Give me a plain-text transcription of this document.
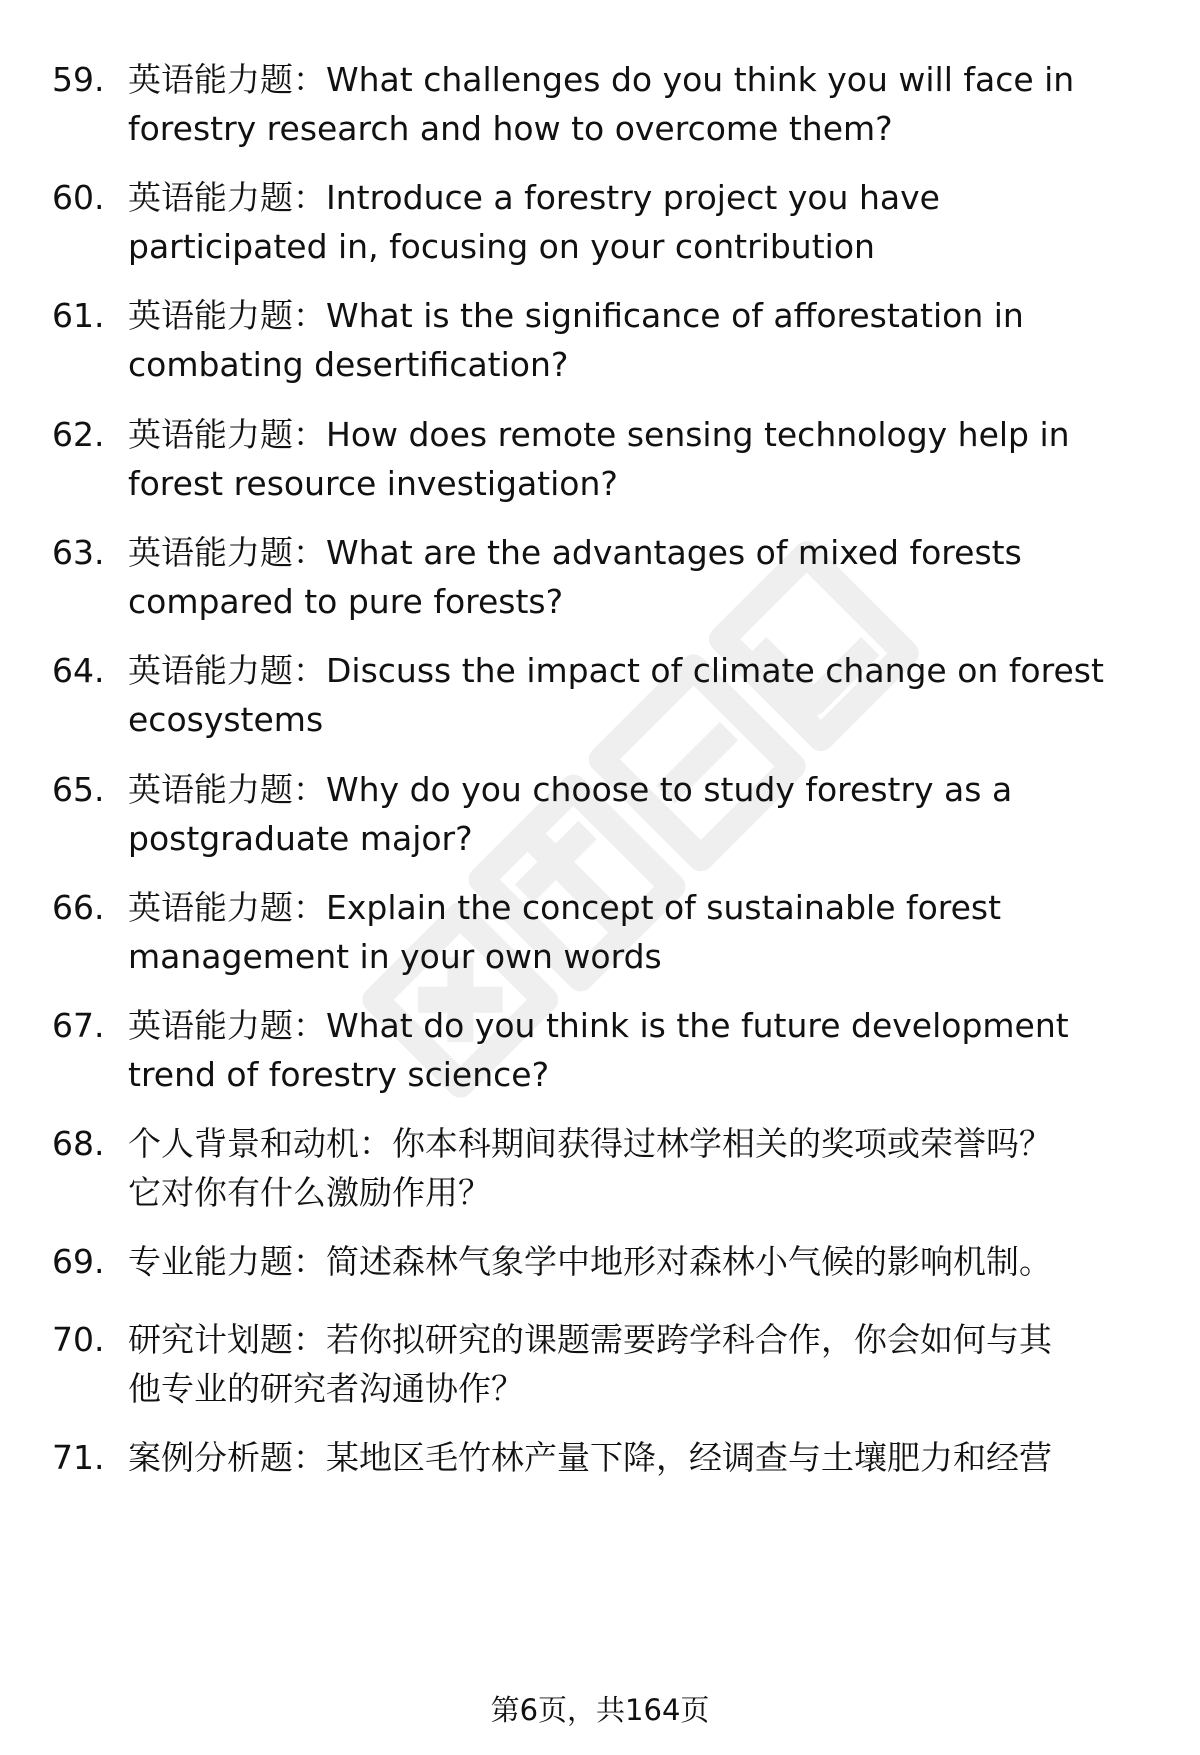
59. 英语能力题：What challenges do you think you will face in
forestry research and how to overcome them?
60. 英语能力题：Introduce a forestry project you have
participated in, focusing on your contribution
61. 英语能力题：What is the significance of afforestation in
combating desertification?
62. 英语能力题：How does remote sensing technology help in
forest resource investigation?
63. 英语能力题：What are the advantages of mixed forests
compared to pure forests?
64. 英语能力题：Discuss the impact of climate change on forest
ecosystems
65. 英语能力题：Why do you choose to study forestry as a
postgraduate major?
66. 英语能力题：Explain the concept of sustainable forest
management in your own words
67. 英语能力题：What do you think is the future development
trend of forestry science?
68. 个人背景和动机：你本科期间获得过林学相关的奖项或荣誉吗？
它对你有什么激励作用？
69. 专业能力题：简述森林气象学中地形对森林小气候的影响机制。
70. 研究计划题：若你拟研究的课题需要跨学科合作，你会如何与其
他专业的研究者沟通协作？
71. 案例分析题：某地区毛竹林产量下降，经调查与土壤肥力和经营
第6页，共164页
